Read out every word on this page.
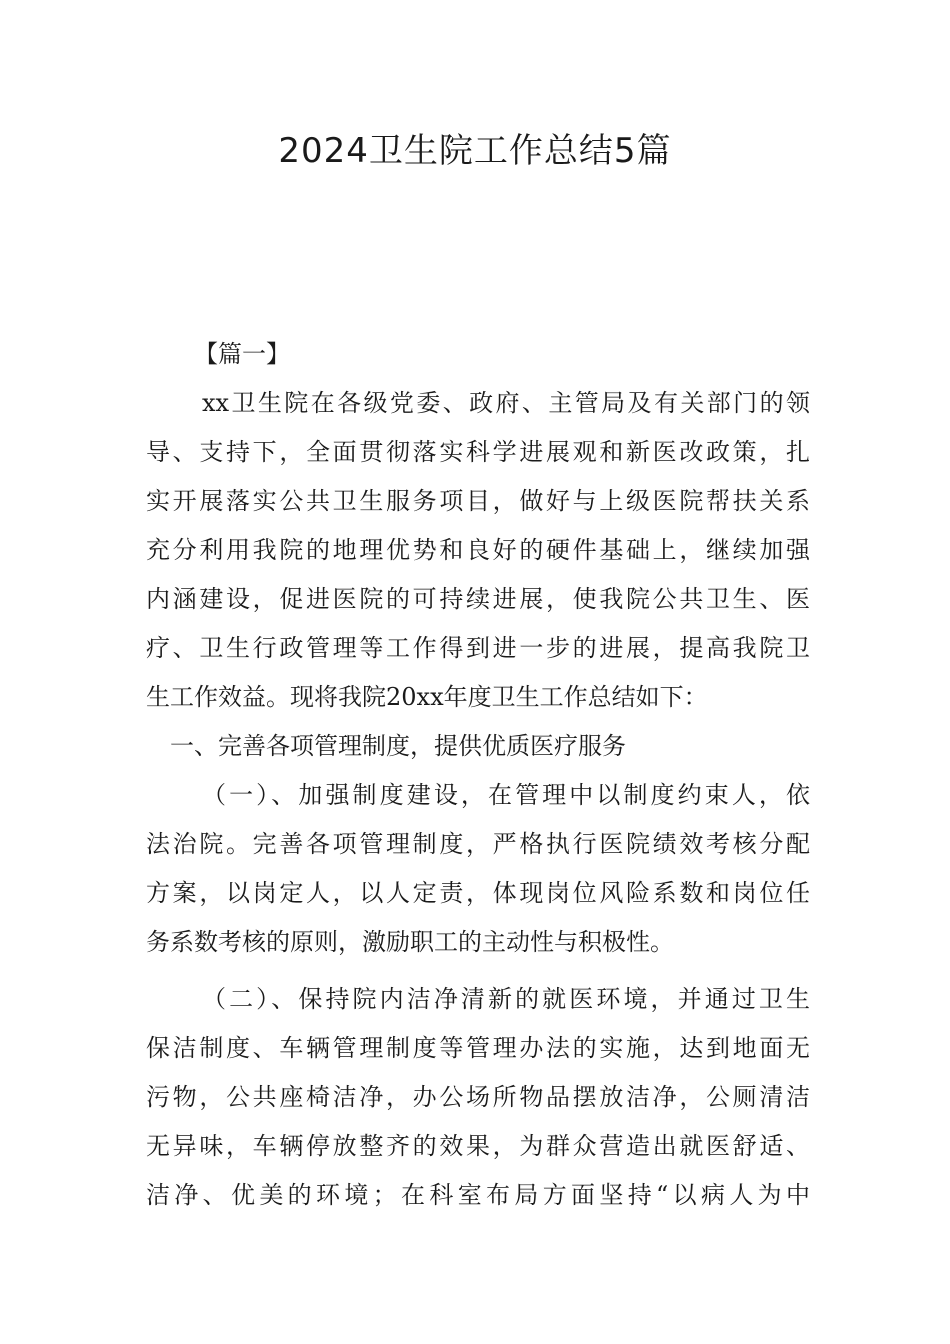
2024卫生院工作总结5篇
【篇一】
xx卫生院在各级党委、政府、主管局及有关部门的领
导、支持下，全面贯彻落实科学进展观和新医改政策，扎
实开展落实公共卫生服务项目，做好与上级医院帮扶关系
充分利用我院的地理优势和良好的硬件基础上，继续加强
内涵建设，促进医院的可持续进展，使我院公共卫生、医
疗、卫生行政管理等工作得到进一步的进展，提高我院卫
生工作效益。现将我院20xx年度卫生工作总结如下：
一、完善各项管理制度，提供优质医疗服务
（一）、加强制度建设，在管理中以制度约束人，依
法治院。完善各项管理制度，严格执行医院绩效考核分配
方案，以岗定人，以人定责，体现岗位风险系数和岗位任
务系数考核的原则，激励职工的主动性与积极性。
（二）、保持院内洁净清新的就医环境，并通过卫生
保洁制度、车辆管理制度等管理办法的实施，达到地面无
污物，公共座椅洁净，办公场所物品摆放洁净，公厕清洁
无异味，车辆停放整齐的效果，为群众营造出就医舒适、
洁净、优美的环境；在科室布局方面坚持“以病人为中
